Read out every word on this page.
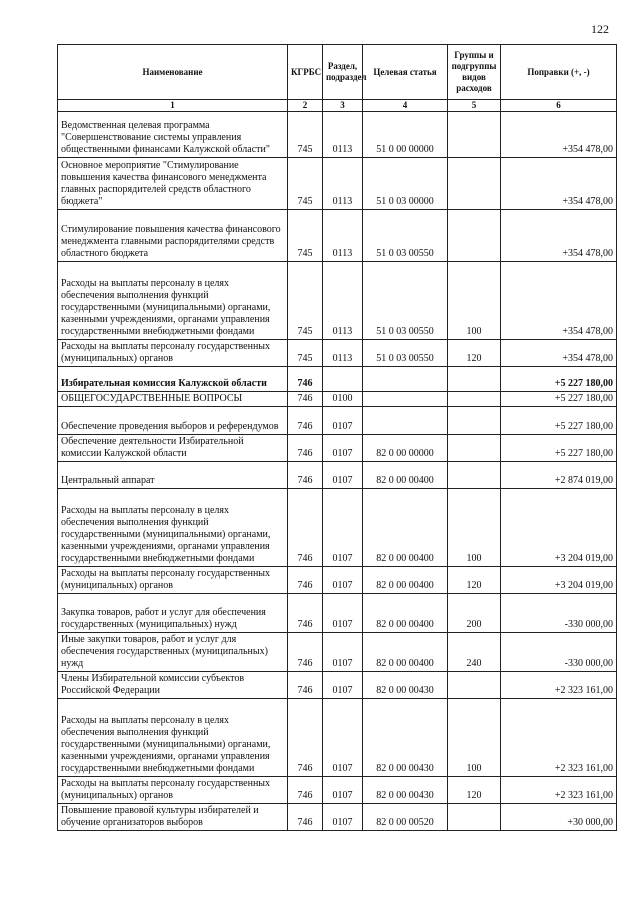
122
Наименование	КГРБС	Раздел, подраздел	Целевая статья	Группы и подгруппы видов расходов	Поправки (+, -)
1	2	3	4	5	6
Ведомственная целевая программа "Совершенствование системы управления общественными финансами Калужской области"	745	0113	51 0 00 00000		+354 478,00
Основное мероприятие "Стимулирование повышения качества финансового менеджмента главных распорядителей средств областного бюджета"	745	0113	51 0 03 00000		+354 478,00
Стимулирование повышения качества финансового менеджмента главными распорядителями средств областного бюджета	745	0113	51 0 03 00550		+354 478,00
Расходы на выплаты персоналу в целях обеспечения выполнения функций государственными (муниципальными) органами, казенными учреждениями, органами управления государственными внебюджетными фондами	745	0113	51 0 03 00550	100	+354 478,00
Расходы на выплаты персоналу государственных (муниципальных) органов	745	0113	51 0 03 00550	120	+354 478,00
Избирательная комиссия Калужской области	746				+5 227 180,00
ОБЩЕГОСУДАРСТВЕННЫЕ ВОПРОСЫ	746	0100			+5 227 180,00
Обеспечение проведения выборов и референдумов	746	0107			+5 227 180,00
Обеспечение деятельности Избирательной комиссии Калужской области	746	0107	82 0 00 00000		+5 227 180,00
Центральный аппарат	746	0107	82 0 00 00400		+2 874 019,00
Расходы на выплаты персоналу в целях обеспечения выполнения функций государственными (муниципальными) органами, казенными учреждениями, органами управления государственными внебюджетными фондами	746	0107	82 0 00 00400	100	+3 204 019,00
Расходы на выплаты персоналу государственных (муниципальных) органов	746	0107	82 0 00 00400	120	+3 204 019,00
Закупка товаров, работ и услуг для обеспечения государственных (муниципальных) нужд	746	0107	82 0 00 00400	200	-330 000,00
Иные закупки товаров, работ и услуг для обеспечения государственных (муниципальных) нужд	746	0107	82 0 00 00400	240	-330 000,00
Члены Избирательной комиссии субъектов Российской Федерации	746	0107	82 0 00 00430		+2 323 161,00
Расходы на выплаты персоналу в целях обеспечения выполнения функций государственными (муниципальными) органами, казенными учреждениями, органами управления государственными внебюджетными фондами	746	0107	82 0 00 00430	100	+2 323 161,00
Расходы на выплаты персоналу государственных (муниципальных) органов	746	0107	82 0 00 00430	120	+2 323 161,00
Повышение правовой культуры избирателей и обучение организаторов выборов	746	0107	82 0 00 00520		+30 000,00
